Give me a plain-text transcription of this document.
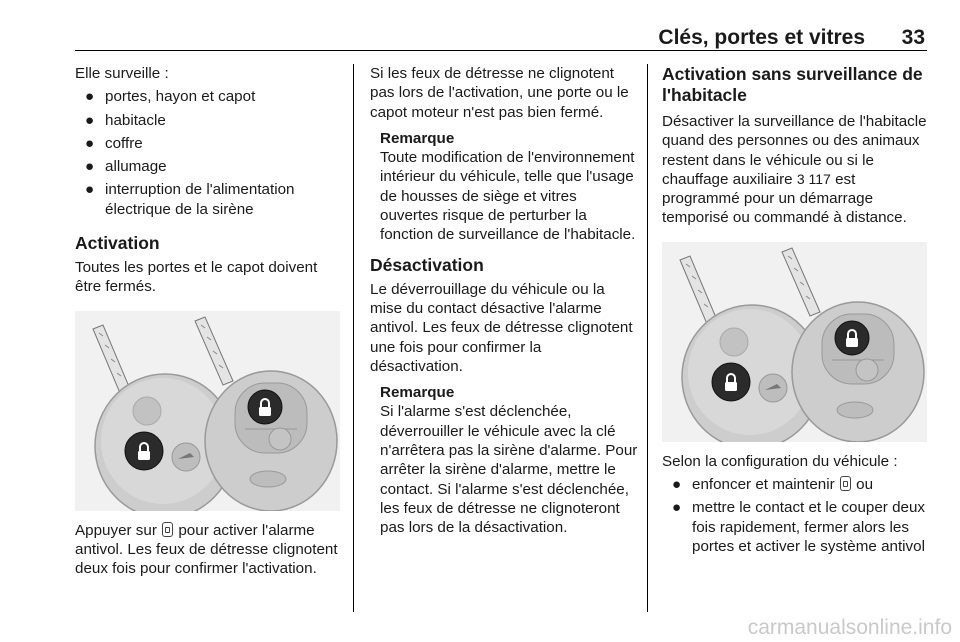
Clés, portes et vitres 33

Elle surveille :

● portes, hayon et capot
● habitacle
● coffre
● allumage
● interruption de l'alimentation électrique de la sirène
Activation

Toutes les portes et le capot doivent être fermés.

Appuyer sur pour activer l'alarme antivol. Les feux de détresse clignotent deux fois pour confirmer l'activation.

Si les feux de détresse ne clignotent pas lors de l'activation, une porte ou le capot moteur n'est pas bien fermé.

Remarque

Toute modification de l'environnement intérieur du véhicule, telle que l'usage de housses de siège et vitres ouvertes risque de perturber la fonction de surveillance de l'habitacle.

Désactivation

Le déverrouillage du véhicule ou la mise du contact désactive l'alarme antivol. Les feux de détresse clignotent une fois pour confirmer la désactivation.

Remarque

Si l'alarme s'est déclenchée, déverrouiller le véhicule avec la clé n'arrêtera pas la sirène d'alarme. Pour arrêter la sirène d'alarme, mettre le contact. Si l'alarme s'est déclenchée, les feux de détresse ne clignoteront pas lors de la désactivation.

Activation sans surveillance de l'habitacle

Désactiver la surveillance de l'habitacle quand des personnes ou des animaux restent dans le véhicule ou si le chauffage auxiliaire 3 117 est programmé pour un démarrage temporisé ou commandé à distance.

Selon la configuration du véhicule :

● enfoncer et maintenir ou
● mettre le contact et le couper deux fois rapidement, fermer alors les portes et activer le système antivol
carmanualsonline.info
